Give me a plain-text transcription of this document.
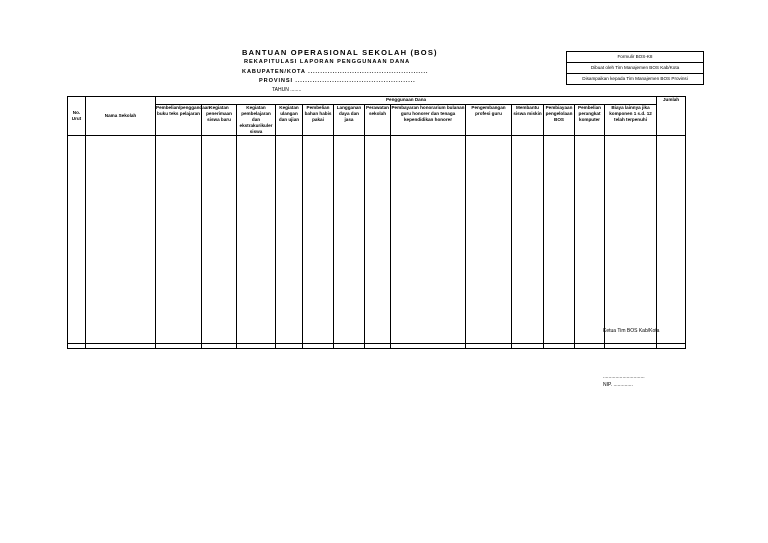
BANTUAN OPERASIONAL SEKOLAH (BOS)
REKAPITULASI LAPORAN PENGGUNAAN DANA
KABUPATEN/KOTA .................................................
PROVINSI .................................................
TAHUN ........
Formulir BOS-K8
Dibuat oleh Tim Manajemen BOS Kab/Kota
Disampaikan kepada Tim Manajemen BOS Provinsi
No. Urut	Nama Sekolah	Penggunaan Dana													Jumlah
		Pembelian/penggandaan buku teks pelajaran	Kegiatan penerimaan siswa baru	Kegiatan pembelajaran dan ekstrakurikuler siswa	Kegiatan ulangan dan ujian	Pembelian bahan habis pakai	Langganan daya dan jasa	Perawatan sekolah	Pembayaran honorarium bulanan guru honorer dan tenaga kependidikan honorer	Pengembangan profesi guru	Membantu siswa miskin	Pembiayaan pengelolaan BOS	Pembelian perangkat komputer	Biaya lainnya jika komponen 1 s.d. 12 telah terpenuhi	

Ketua Tim BOS Kab/Kota
.........................................
..............................
NIP. ..............
